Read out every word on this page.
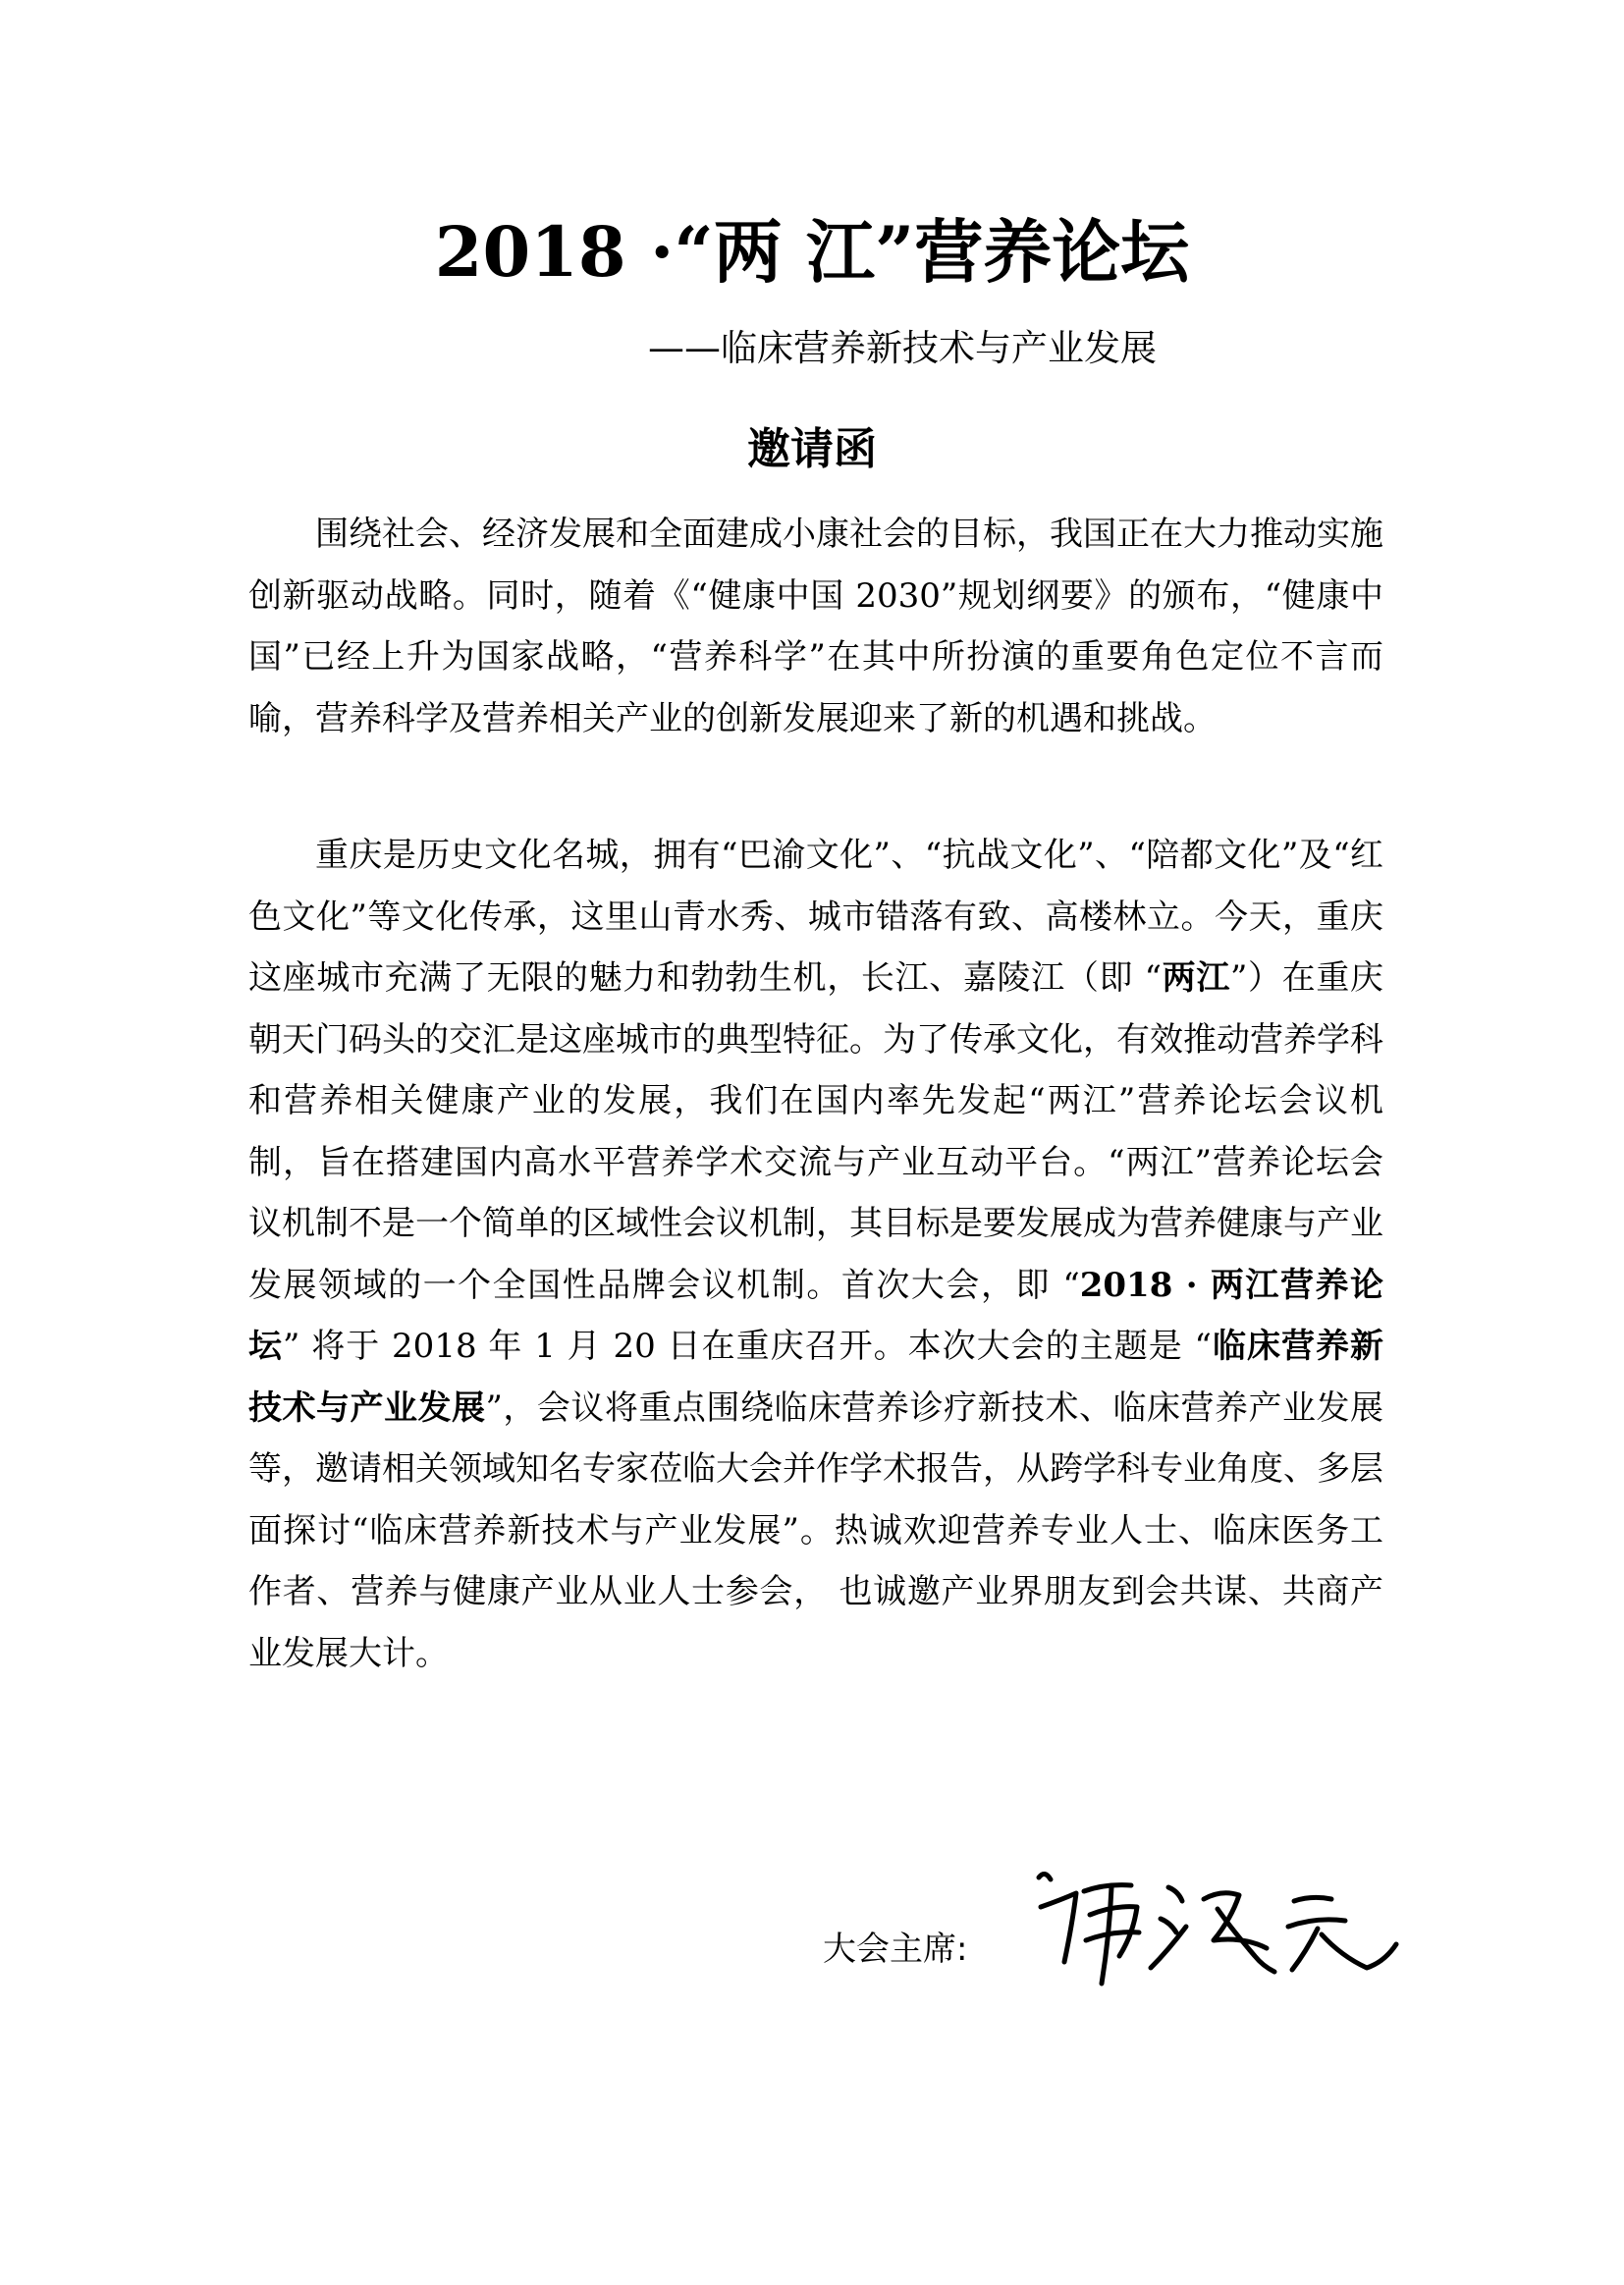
2018 ·“两 江”营养论坛
——临床营养新技术与产业发展
邀请函

围绕社会、经济发展和全面建成小康社会的目标，我国正在大力推动实施创新驱动战略。同时，随着《“健康中国 2030”规划纲要》的颁布，“健康中国”已经上升为国家战略，“营养科学”在其中所扮演的重要角色定位不言而喻，营养科学及营养相关产业的创新发展迎来了新的机遇和挑战。

重庆是历史文化名城，拥有“巴渝文化”、“抗战文化”、“陪都文化”及“红色文化”等文化传承，这里山青水秀、城市错落有致、高楼林立。今天，重庆这座城市充满了无限的魅力和勃勃生机，长江、嘉陵江（即 “两江”）在重庆朝天门码头的交汇是这座城市的典型特征。为了传承文化，有效推动营养学科和营养相关健康产业的发展，我们在国内率先发起“两江”营养论坛会议机制，旨在搭建国内高水平营养学术交流与产业互动平台。“两江”营养论坛会议机制不是一个简单的区域性会议机制，其目标是要发展成为营养健康与产业发展领域的一个全国性品牌会议机制。首次大会，即 “2018 · 两江营养论坛” 将于 2018 年 1 月 20 日在重庆召开。本次大会的主题是 “临床营养新技术与产业发展”，会议将重点围绕临床营养诊疗新技术、临床营养产业发展等，邀请相关领域知名专家莅临大会并作学术报告，从跨学科专业角度、多层面探讨“临床营养新技术与产业发展”。热诚欢迎营养专业人士、临床医务工作者、营养与健康产业从业人士参会， 也诚邀产业界朋友到会共谋、共商产业发展大计。

大会主席:
